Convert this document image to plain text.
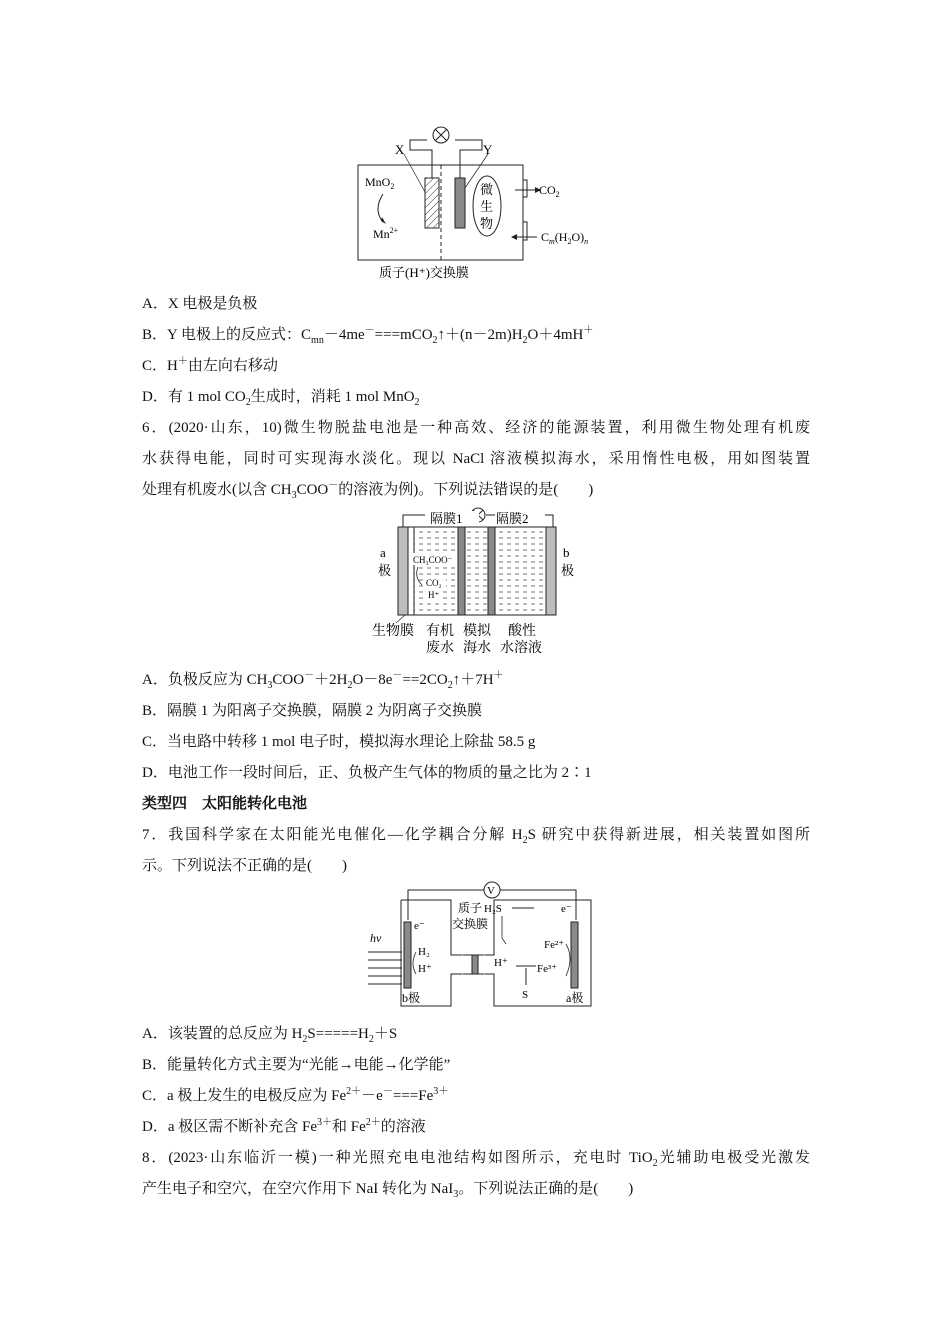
X	Y
MnO$_2$
$Mn^{2+}$
微
生
物
$CO_2$
$C_m(H_2O)_n$
质子(H⁺)交换膜
A．X 电极是负极
B．Y 电极上的反应式：$C_{mn}-4me^-===mCO_2↑+(n-2m)H_2O+4mH^+$
C．H＋由左向右移动
D．有 1 mol $CO_2$生成时，消耗 1 mol MnO$_2$
6．(2020·山东，10)微生物脱盐电池是一种高效、经济的能源装置，利用微生物处理有机废
水获得电能，同时可实现海水淡化。现以 NaCl 溶液模拟海水，采用惰性电极，用如图装置
处理有机废水(以含 $CH_3COO^-$的溶液为例)。下列说法错误的是(　　)
隔膜1	隔膜2
a
极
b
极
CH₃COO⁻
CO₂
H⁺
生物膜 有机 模拟 酸性
废水 海水 水溶液
A．负极反应为 $CH_3COO^-+2H_2O-8e^-==2CO_2↑+7H^+$
B．隔膜 1 为阳离子交换膜，隔膜 2 为阴离子交换膜
C．当电路中转移 1 mol 电子时，模拟海水理论上除盐 58.5 g
D．电池工作一段时间后，正、负极产生气体的物质的量之比为 2∶1
类型四　太阳能转化电池
7．我国科学家在太阳能光电催化—化学耦合分解 $H_2S$ 研究中获得新进展，相关装置如图所
示。下列说法不正确的是(　　)
V
e⁻
e⁻
H₂S
质子
交换膜
hν
H₂
H⁺	H⁺
S
Fe²⁺
Fe³⁺
b极	a极
A．该装置的总反应为 $H_2S=====H_2+S$
B．能量转化方式主要为“光能→电能→化学能”
C．a 极上发生的电极反应为 $Fe^{2+}-e^-===Fe^{3+}$
D．a 极区需不断补充含 $Fe^{3+}$和 $Fe^{2+}$的溶液
8．(2023·山东临沂一模)一种光照充电电池结构如图所示，充电时 TiO$_2$光辅助电极受光激发
产生电子和空穴，在空穴作用下 NaI 转化为 NaI$_3$。下列说法正确的是(　　)
